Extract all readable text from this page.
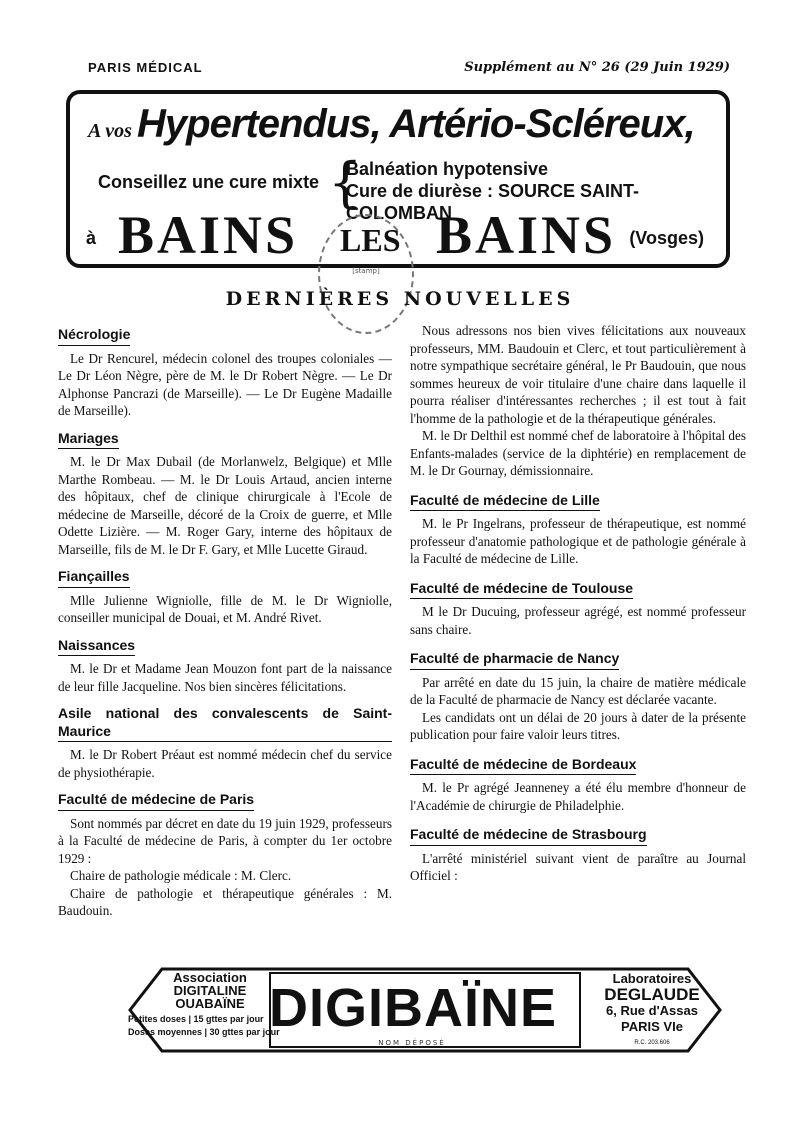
PARIS MÉDICAL	Supplément au N° 26 (29 Juin 1929)
A vos Hypertendus, Artério-Scléreux,
Conseillez une cure mixte {
Balnéation hypotensive
Cure de diurèse : SOURCE SAINT-COLOMBAN
à BAINS LES BAINS (Vosges)
[stamp]
DERNIÈRES NOUVELLES
Nécrologie

Le Dr Rencurel, médecin colonel des troupes coloniales — Le Dr Léon Nègre, père de M. le Dr Robert Nègre. — Le Dr Alphonse Pancrazi (de Marseille). — Le Dr Eugène Madaille de Marseille).

Mariages

M. le Dr Max Dubail (de Morlanwelz, Belgique) et Mlle Marthe Rombeau. — M. le Dr Louis Artaud, ancien interne des hôpitaux, chef de clinique chirurgicale à l'Ecole de médecine de Marseille, décoré de la Croix de guerre, et Mlle Odette Lizière. — M. Roger Gary, interne des hôpitaux de Marseille, fils de M. le Dr F. Gary, et Mlle Lucette Giraud.

Fiançailles

Mlle Julienne Wigniolle, fille de M. le Dr Wigniolle, conseiller municipal de Douai, et M. André Rivet.

Naissances

M. le Dr et Madame Jean Mouzon font part de la naissance de leur fille Jacqueline. Nos bien sincères félicitations.

Asile national des convalescents de Saint-Maurice

M. le Dr Robert Préaut est nommé médecin chef du service de physiothérapie.

Faculté de médecine de Paris

Sont nommés par décret en date du 19 juin 1929, professeurs à la Faculté de médecine de Paris, à compter du 1er octobre 1929 :

Chaire de pathologie médicale : M. Clerc.

Chaire de pathologie et thérapeutique générales : M. Baudouin.

Nous adressons nos bien vives félicitations aux nouveaux professeurs, MM. Baudouin et Clerc, et tout particulièrement à notre sympathique secrétaire général, le Pr Baudouin, que nous sommes heureux de voir titulaire d'une chaire dans laquelle il pourra réaliser d'intéressantes recherches ; il est tout à fait l'homme de la pathologie et de la thérapeutique générales.

M. le Dr Delthil est nommé chef de laboratoire à l'hôpital des Enfants-malades (service de la diphtérie) en remplacement de M. le Dr Gournay, démissionnaire.

Faculté de médecine de Lille

M. le Pr Ingelrans, professeur de thérapeutique, est nommé professeur d'anatomie pathologique et de pathologie générale à la Faculté de médecine de Lille.

Faculté de médecine de Toulouse

M le Dr Ducuing, professeur agrégé, est nommé professeur sans chaire.

Faculté de pharmacie de Nancy

Par arrêté en date du 15 juin, la chaire de matière médicale de la Faculté de pharmacie de Nancy est déclarée vacante.

Les candidats ont un délai de 20 jours à dater de la présente publication pour faire valoir leurs titres.

Faculté de médecine de Bordeaux

M. le Pr agrégé Jeanneney a été élu membre d'honneur de l'Académie de chirurgie de Philadelphie.

Faculté de médecine de Strasbourg

L'arrêté ministériel suivant vient de paraître au Journal Officiel :

Association
DIGITALINE
OUABAÏNE
Petites doses | 15 gttes par jour
Doses moyennes | 30 gttes par jour
DIGIBAÏNE
NOM DÉPOSÉ
Laboratoires
DEGLAUDE
6, Rue d'Assas
PARIS VIe
R.C. 203.606
